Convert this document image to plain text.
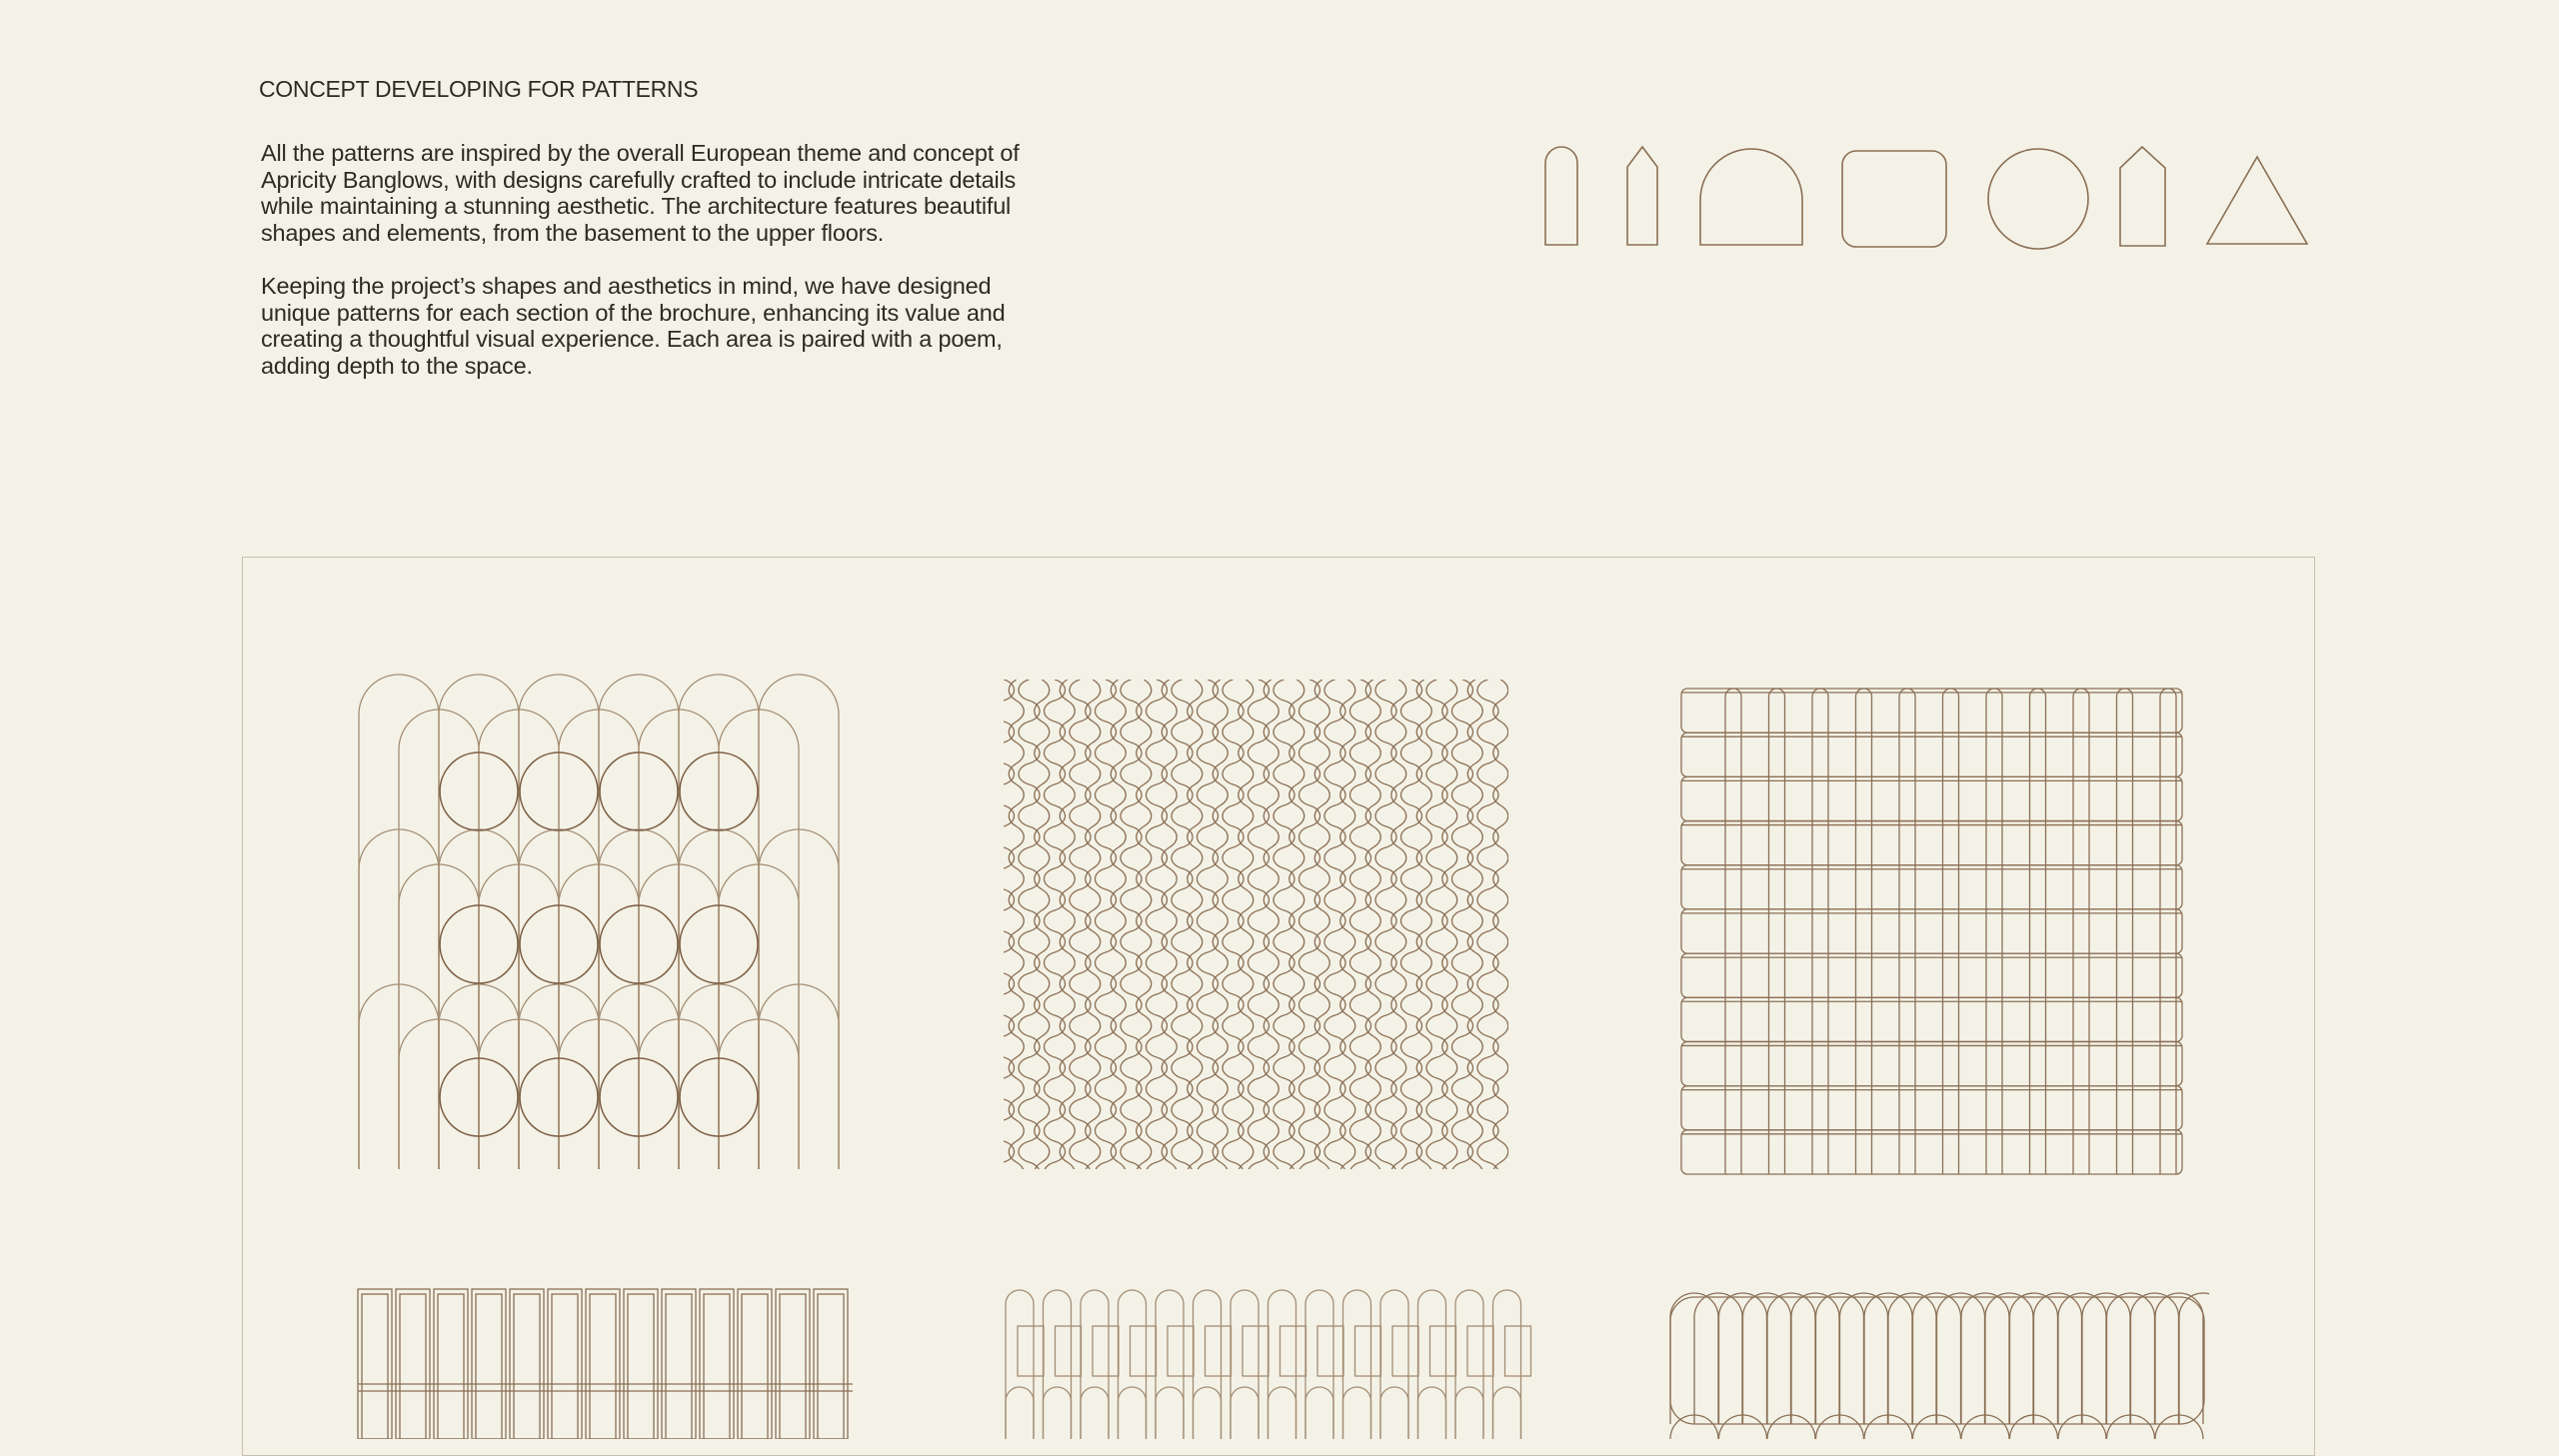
CONCEPT DEVELOPING FOR PATTERNS

All the patterns are inspired by the overall European theme and concept of Apricity Banglows, with designs carefully crafted to include intricate details while maintaining a stunning aesthetic. The architecture features beautiful shapes and elements, from the basement to the upper floors.

Keeping the project’s shapes and aesthetics in mind, we have designed unique patterns for each section of the brochure, enhancing its value and creating a thoughtful visual experience. Each area is paired with a poem, adding depth to the space.
